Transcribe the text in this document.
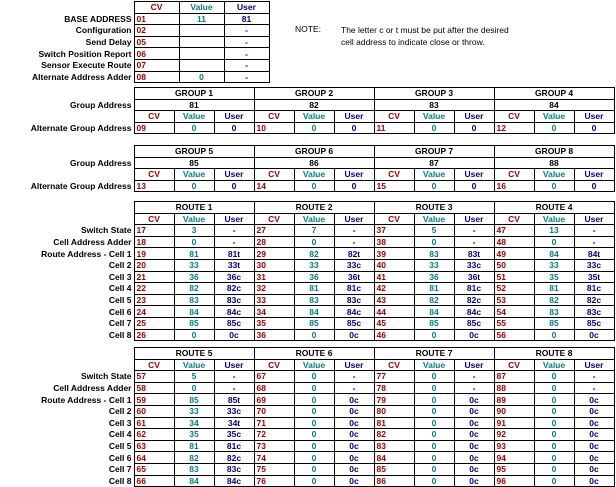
	CV	Value	User
BASE ADDRESS	01	11	81
Configuration	02		-
Send Delay	05		-
Switch Position Report	06		-
Sensor Execute Route	07		-
Alternate Address Adder	08	0	-
NOTE:	The letter c or t must be put after the desired
cell address to indicate close or throw.
	GROUP 1			GROUP 2			GROUP 3			GROUP 4		
Group Address	81			82			83			84		
	CV	Value	User	CV	Value	User	CV	Value	User	CV	Value	User
Alternate Group Address	09	0	0	10	0	0	11	0	0	12	0	0
	GROUP 5			GROUP 6			GROUP 7			GROUP 8		
Group Address	85			86			87			88		
	CV	Value	User	CV	Value	User	CV	Value	User	CV	Value	User
Alternate Group Address	13	0	0	14	0	0	15	0	0	16	0	0
	ROUTE 1			ROUTE 2			ROUTE 3			ROUTE 4		
	CV	Value	User	CV	Value	User	CV	Value	User	CV	Value	User
Switch State	17	3	-	27	7	-	37	5	-	47	13	-
Cell Address Adder	18	0	-	28	0	-	38	0	-	48	0	-
Route Address - Cell 1	19	81	81t	29	82	82t	39	83	83t	49	84	84t
Cell 2	20	33	33t	30	33	33c	40	33	33c	50	33	33c
Cell 3	21	36	36c	31	36	36t	41	36	36t	51	35	35t
Cell 4	22	82	82c	32	81	81c	42	81	81c	52	81	81c
Cell 5	23	83	83c	33	83	83c	43	82	82c	53	82	82c
Cell 6	24	84	84c	34	84	84c	44	84	84c	54	83	83c
Cell 7	25	85	85c	35	85	85c	45	85	85c	55	85	85c
Cell 8	26	0	0c	36	0	0c	46	0	0c	56	0	0c
	ROUTE 5			ROUTE 6			ROUTE 7			ROUTE 8		
	CV	Value	User	CV	Value	User	CV	Value	User	CV	Value	User
Switch State	57	5	-	67	0	-	77	0	-	87	0	-
Cell Address Adder	58	0	-	68	0	-	78	0	-	88	0	-
Route Address - Cell 1	59	85	85t	69	0	0c	79	0	0c	89	0	0c
Cell 2	60	33	33c	70	0	0c	80	0	0c	90	0	0c
Cell 3	61	34	34t	71	0	0c	81	0	0c	91	0	0c
Cell 4	62	35	35c	72	0	0c	82	0	0c	92	0	0c
Cell 5	63	81	81c	73	0	0c	83	0	0c	93	0	0c
Cell 6	64	82	82c	74	0	0c	84	0	0c	94	0	0c
Cell 7	65	83	83c	75	0	0c	85	0	0c	95	0	0c
Cell 8	66	84	84c	76	0	0c	86	0	0c	96	0	0c
